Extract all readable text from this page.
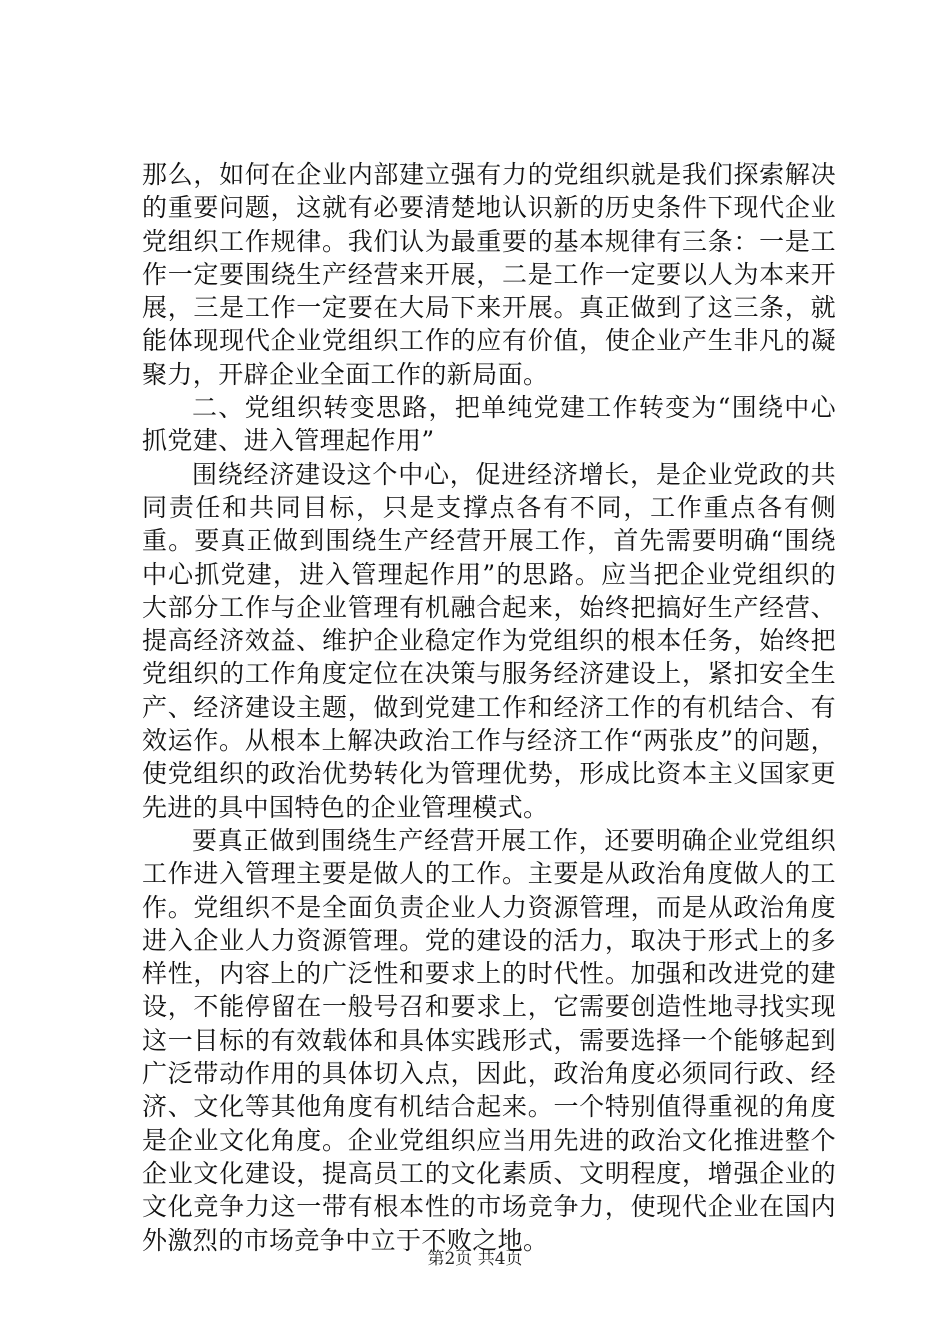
那么，如何在企业内部建立强有力的党组织就是我们探索解决的重要问题，这就有必要清楚地认识新的历史条件下现代企业党组织工作规律。我们认为最重要的基本规律有三条：一是工作一定要围绕生产经营来开展，二是工作一定要以人为本来开展，三是工作一定要在大局下来开展。真正做到了这三条，就能体现现代企业党组织工作的应有价值，使企业产生非凡的凝聚力，开辟企业全面工作的新局面。

二、党组织转变思路，把单纯党建工作转变为“围绕中心抓党建、进入管理起作用”

围绕经济建设这个中心，促进经济增长，是企业党政的共同责任和共同目标，只是支撑点各有不同，工作重点各有侧重。要真正做到围绕生产经营开展工作，首先需要明确“围绕中心抓党建，进入管理起作用”的思路。应当把企业党组织的大部分工作与企业管理有机融合起来，始终把搞好生产经营、提高经济效益、维护企业稳定作为党组织的根本任务，始终把党组织的工作角度定位在决策与服务经济建设上，紧扣安全生产、经济建设主题，做到党建工作和经济工作的有机结合、有效运作。从根本上解决政治工作与经济工作“两张皮”的问题，使党组织的政治优势转化为管理优势，形成比资本主义国家更先进的具中国特色的企业管理模式。

要真正做到围绕生产经营开展工作，还要明确企业党组织工作进入管理主要是做人的工作。主要是从政治角度做人的工作。党组织不是全面负责企业人力资源管理，而是从政治角度进入企业人力资源管理。党的建设的活力，取决于形式上的多样性，内容上的广泛性和要求上的时代性。加强和改进党的建设，不能停留在一般号召和要求上，它需要创造性地寻找实现这一目标的有效载体和具体实践形式，需要选择一个能够起到广泛带动作用的具体切入点，因此，政治角度必须同行政、经济、文化等其他角度有机结合起来。一个特别值得重视的角度是企业文化角度。企业党组织应当用先进的政治文化推进整个企业文化建设，提高员工的文化素质、文明程度，增强企业的文化竞争力这一带有根本性的市场竞争力，使现代企业在国内外激烈的市场竞争中立于不败之地。

第2页 共4页
